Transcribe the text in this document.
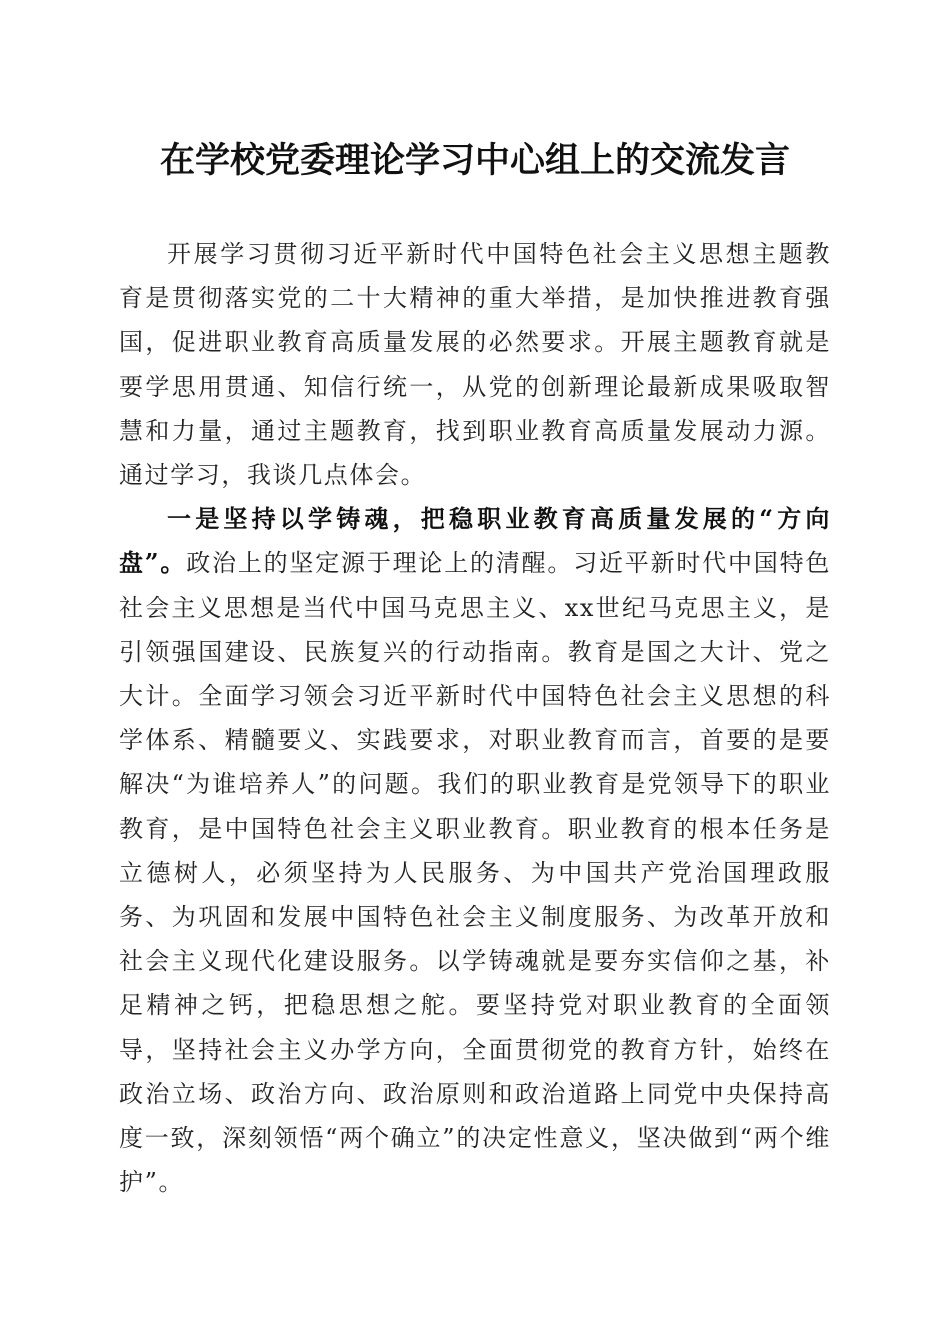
在学校党委理论学习中心组上的交流发言

开展学习贯彻习近平新时代中国特色社会主义思想主题教育是贯彻落实党的二十大精神的重大举措，是加快推进教育强国，促进职业教育高质量发展的必然要求。开展主题教育就是要学思用贯通、知信行统一，从党的创新理论最新成果吸取智慧和力量，通过主题教育，找到职业教育高质量发展动力源。通过学习，我谈几点体会。

一是坚持以学铸魂，把稳职业教育高质量发展的“方向盘”。政治上的坚定源于理论上的清醒。习近平新时代中国特色社会主义思想是当代中国马克思主义、xx世纪马克思主义，是引领强国建设、民族复兴的行动指南。教育是国之大计、党之大计。全面学习领会习近平新时代中国特色社会主义思想的科学体系、精髓要义、实践要求，对职业教育而言，首要的是要解决“为谁培养人”的问题。我们的职业教育是党领导下的职业教育，是中国特色社会主义职业教育。职业教育的根本任务是立德树人，必须坚持为人民服务、为中国共产党治国理政服务、为巩固和发展中国特色社会主义制度服务、为改革开放和社会主义现代化建设服务。以学铸魂就是要夯实信仰之基，补足精神之钙，把稳思想之舵。要坚持党对职业教育的全面领导，坚持社会主义办学方向，全面贯彻党的教育方针，始终在政治立场、政治方向、政治原则和政治道路上同党中央保持高度一致，深刻领悟“两个确立”的决定性意义，坚决做到“两个维护”。
